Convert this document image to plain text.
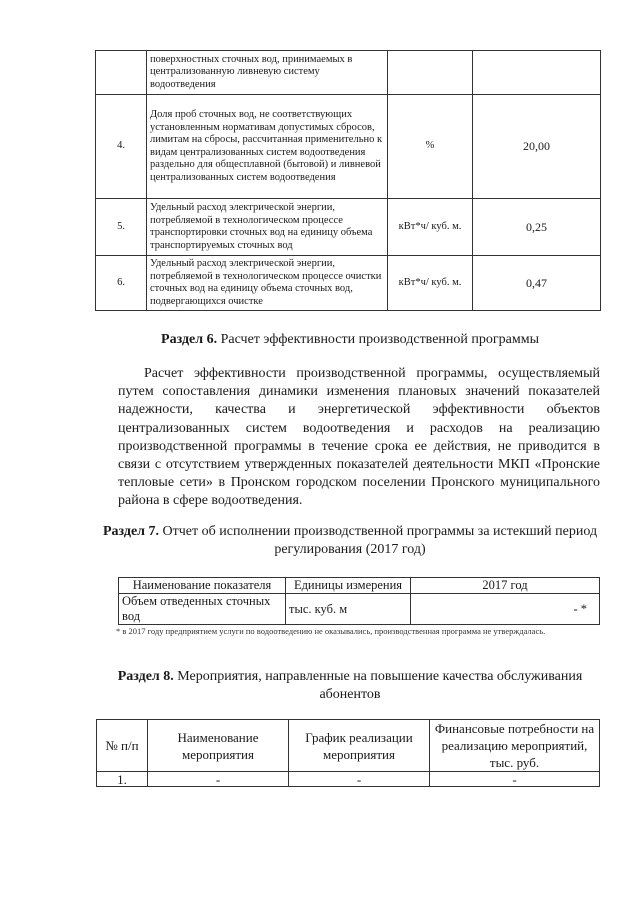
	поверхностных сточных вод, принимаемых в централизованную ливневую систему водоотведения		
4.	Доля проб сточных вод, не соответствующих установленным нормативам допустимых сбросов, лимитам на сбросы, рассчитанная применительно к видам централизованных систем водоотведения раздельно для общесплавной (бытовой) и ливневой централизованных систем водоотведения	%	20,00
5.	Удельный расход электрической энергии, потребляемой в технологическом процессе транспортировки сточных вод на единицу объема транспортируемых сточных вод	кВт*ч/ куб. м.	0,25
6.	Удельный расход электрической энергии, потребляемой в технологическом процессе очистки сточных вод на единицу объема сточных вод, подвергающихся очистке	кВт*ч/ куб. м.	0,47
Раздел 6. Расчет эффективности производственной программы
Расчет эффективности производственной программы, осуществляемый путем сопоставления динамики изменения плановых значений показателей надежности, качества и энергетической эффективности объектов централизованных систем водоотведения и расходов на реализацию производственной программы в течение срока ее действия, не приводится в связи с отсутствием утвержденных показателей деятельности МКП «Пронские тепловые сети» в Пронском городском поселении Пронского муниципального района в сфере водоотведения.
Раздел 7. Отчет об исполнении производственной программы за истекший период регулирования (2017 год)
Наименование показателя	Единицы измерения	2017 год
Объем отведенных сточных вод	тыс. куб. м	- *
* в 2017 году предприятием услуги по водоотведению не оказывались, производственная программа не утверждалась.
Раздел 8. Мероприятия, направленные на повышение качества обслуживания абонентов
№ п/п	Наименование мероприятия	График реализации мероприятия	Финансовые потребности на реализацию мероприятий, тыс. руб.
1.	-	-	-
